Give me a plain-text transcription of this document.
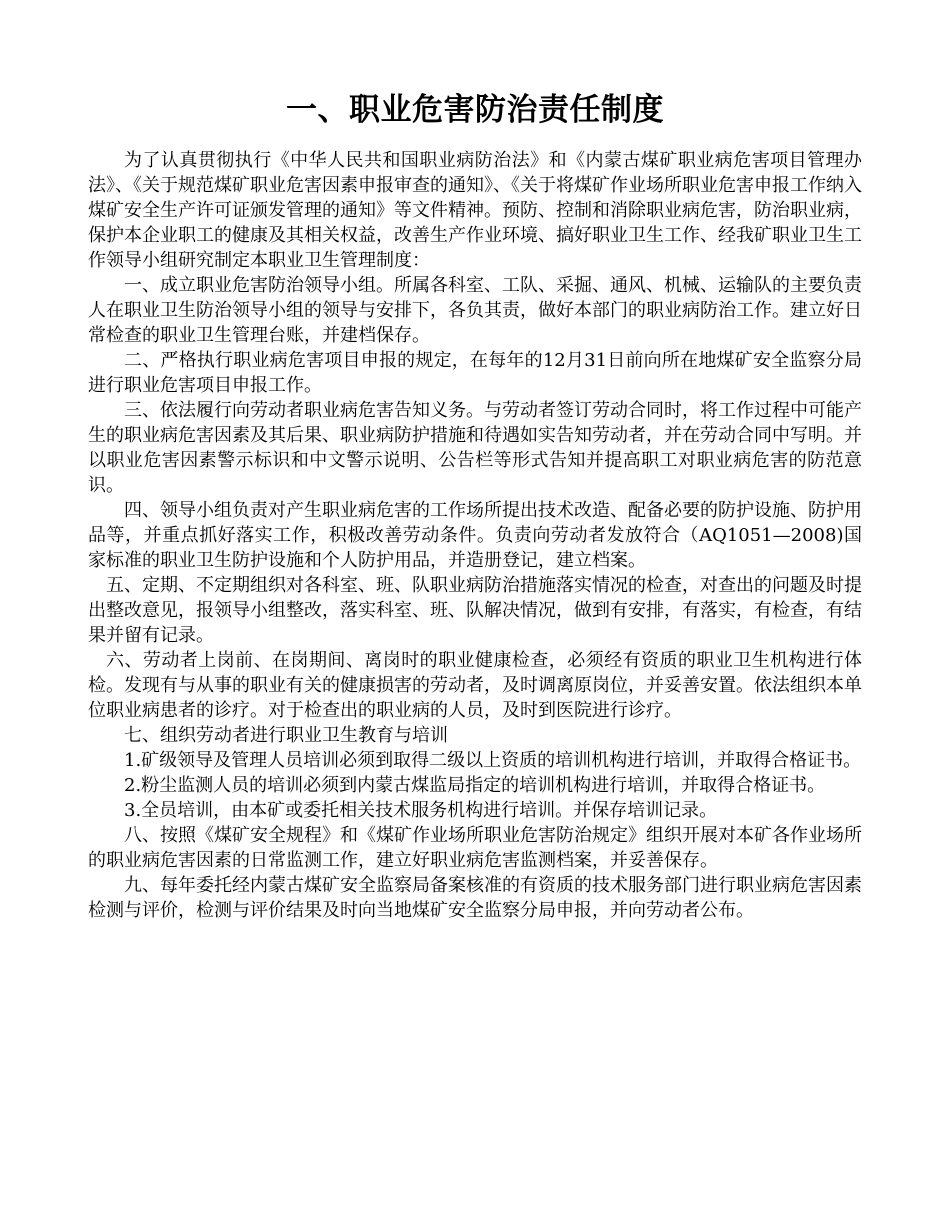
一、职业危害防治责任制度

为了认真贯彻执行《中华人民共和国职业病防治法》和《内蒙古煤矿职业病危害项目管理办法》、《关于规范煤矿职业危害因素申报审查的通知》、《关于将煤矿作业场所职业危害申报工作纳入煤矿安全生产许可证颁发管理的通知》等文件精神。预防、控制和消除职业病危害，防治职业病，保护本企业职工的健康及其相关权益，改善生产作业环境、搞好职业卫生工作、经我矿职业卫生工作领导小组研究制定本职业卫生管理制度：

一、成立职业危害防治领导小组。所属各科室、工队、采掘、通风、机械、运输队的主要负责人在职业卫生防治领导小组的领导与安排下，各负其责，做好本部门的职业病防治工作。建立好日常检查的职业卫生管理台账，并建档保存。

二、严格执行职业病危害项目申报的规定，在每年的12月31日前向所在地煤矿安全监察分局进行职业危害项目申报工作。

三、依法履行向劳动者职业病危害告知义务。与劳动者签订劳动合同时，将工作过程中可能产生的职业病危害因素及其后果、职业病防护措施和待遇如实告知劳动者，并在劳动合同中写明。并以职业危害因素警示标识和中文警示说明、公告栏等形式告知并提高职工对职业病危害的防范意识。

四、领导小组负责对产生职业病危害的工作场所提出技术改造、配备必要的防护设施、防护用品等，并重点抓好落实工作，积极改善劳动条件。负责向劳动者发放符合（AQ1051—2008)国家标准的职业卫生防护设施和个人防护用品，并造册登记，建立档案。

五、定期、不定期组织对各科室、班、队职业病防治措施落实情况的检查，对查出的问题及时提出整改意见，报领导小组整改，落实科室、班、队解决情况，做到有安排，有落实，有检查，有结果并留有记录。

六、劳动者上岗前、在岗期间、离岗时的职业健康检查，必须经有资质的职业卫生机构进行体检。发现有与从事的职业有关的健康损害的劳动者，及时调离原岗位，并妥善安置。依法组织本单位职业病患者的诊疗。对于检查出的职业病的人员，及时到医院进行诊疗。

七、组织劳动者进行职业卫生教育与培训

1.矿级领导及管理人员培训必须到取得二级以上资质的培训机构进行培训，并取得合格证书。

2.粉尘监测人员的培训必须到内蒙古煤监局指定的培训机构进行培训，并取得合格证书。

3.全员培训，由本矿或委托相关技术服务机构进行培训。并保存培训记录。

八、按照《煤矿安全规程》和《煤矿作业场所职业危害防治规定》组织开展对本矿各作业场所的职业病危害因素的日常监测工作，建立好职业病危害监测档案，并妥善保存。

九、每年委托经内蒙古煤矿安全监察局备案核准的有资质的技术服务部门进行职业病危害因素检测与评价，检测与评价结果及时向当地煤矿安全监察分局申报，并向劳动者公布。
